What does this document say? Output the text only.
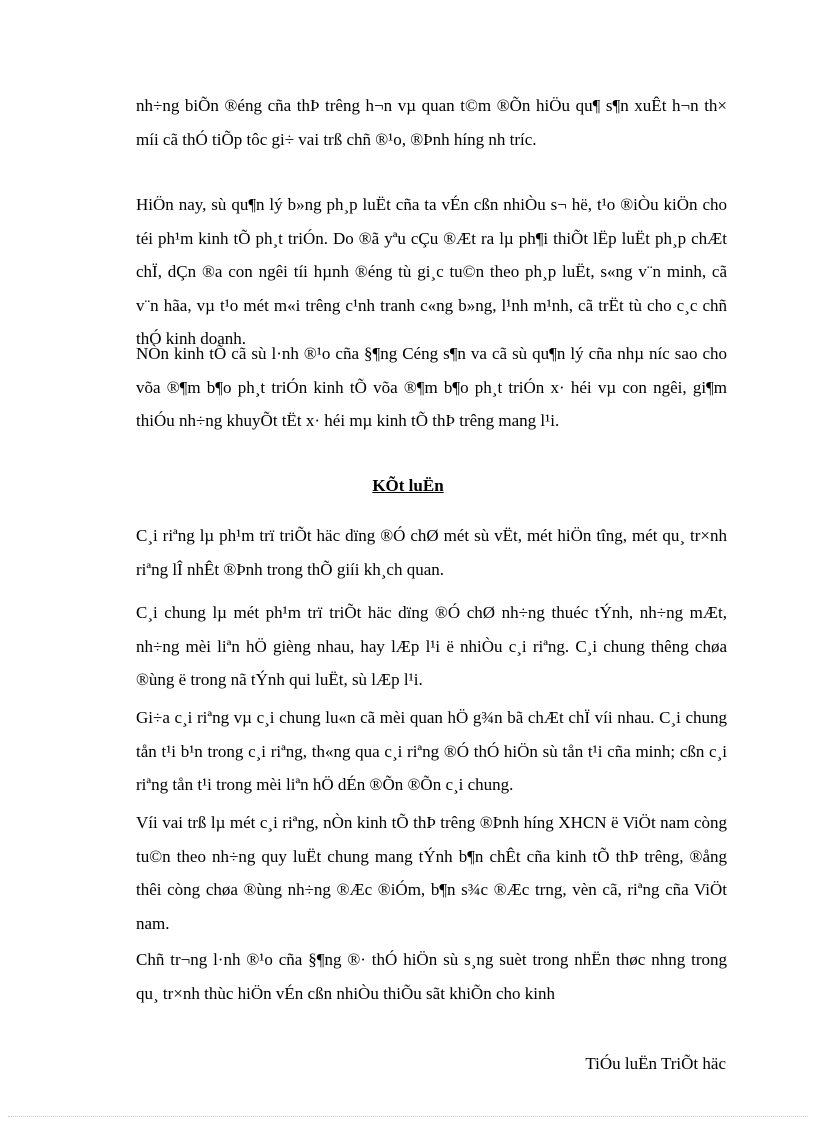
nh÷ng biÕn ®éng cña thÞ trêng h¬n vµ quan t©m ®Õn hiÖu qu¶ s¶n xuÊt h¬n th× míi cã thÓ tiÕp tôc gi÷ vai trß chñ ®¹o, ®Þnh híng nh tríc.
HiÖn nay, sù qu¶n lý b»ng ph¸p luËt cña ta vÉn cßn nhiÒu s¬ hë, t¹o ®iÒu kiÖn cho téi ph¹m kinh tÕ ph¸t triÓn. Do ®ã yªu cÇu ®Æt ra lµ ph¶i thiÕt lËp luËt ph¸p chÆt chÏ, dÇn ®a con ngêi tíi hµnh ®éng tù gi¸c tu©n theo ph¸p luËt, s«ng v¨n minh, cã v¨n hãa, vµ t¹o mét m«i trêng c¹nh tranh c«ng b»ng, l¹nh m¹nh, cã trËt tù cho c¸c chñ thÓ kinh doanh.
NÒn kinh tÕ cã sù l·nh ®¹o cña §¶ng Céng s¶n va cã sù qu¶n lý cña nhµ níc sao cho võa ®¶m b¶o ph¸t triÓn kinh tÕ võa ®¶m b¶o ph¸t triÓn x· héi vµ con ngêi, gi¶m thiÓu nh÷ng khuyÕt tËt x· héi mµ kinh tÕ thÞ trêng mang l¹i.
KÕt luËn
C¸i riªng lµ ph¹m trï triÕt häc dïng ®Ó chØ mét sù vËt, mét hiÖn tîng, mét qu¸ tr×nh riªng lÎ nhÊt ®Þnh trong thÕ giíi kh¸ch quan.
C¸i chung lµ mét ph¹m trï triÕt häc dïng ®Ó chØ nh÷ng thuéc tÝnh, nh÷ng mÆt, nh÷ng mèi liªn hÖ gièng nhau, hay lÆp l¹i ë nhiÒu c¸i riªng. C¸i chung thêng chøa ®ùng ë trong nã tÝnh qui luËt, sù lÆp l¹i.
Gi÷a c¸i riªng vµ c¸i chung lu«n cã mèi quan hÖ g¾n bã chÆt chÏ víi nhau. C¸i chung tån t¹i b¹n trong c¸i riªng, th«ng qua c¸i riªng ®Ó thÓ hiÖn sù tån t¹i cña minh; cßn c¸i riªng tån t¹i trong mèi liªn hÖ dÉn ®Õn ®Õn c¸i chung.
Víi vai trß lµ mét c¸i riªng, nÒn kinh tÕ thÞ trêng ®Þnh híng XHCN ë ViÖt nam còng tu©n theo nh÷ng quy luËt chung mang tÝnh b¶n chÊt cña kinh tÕ thÞ trêng, ®ång thêi còng chøa ®ùng nh÷ng ®Æc ®iÓm, b¶n s¾c ®Æc trng, vèn cã, riªng cña ViÖt nam.
Chñ tr¬ng l·nh ®¹o cña §¶ng ®· thÓ hiÖn sù s¸ng suèt trong nhËn thøc nhng trong qu¸ tr×nh thùc hiÖn vÉn cßn nhiÒu thiÕu sãt khiÕn cho kinh
TiÓu luËn TriÕt häc
